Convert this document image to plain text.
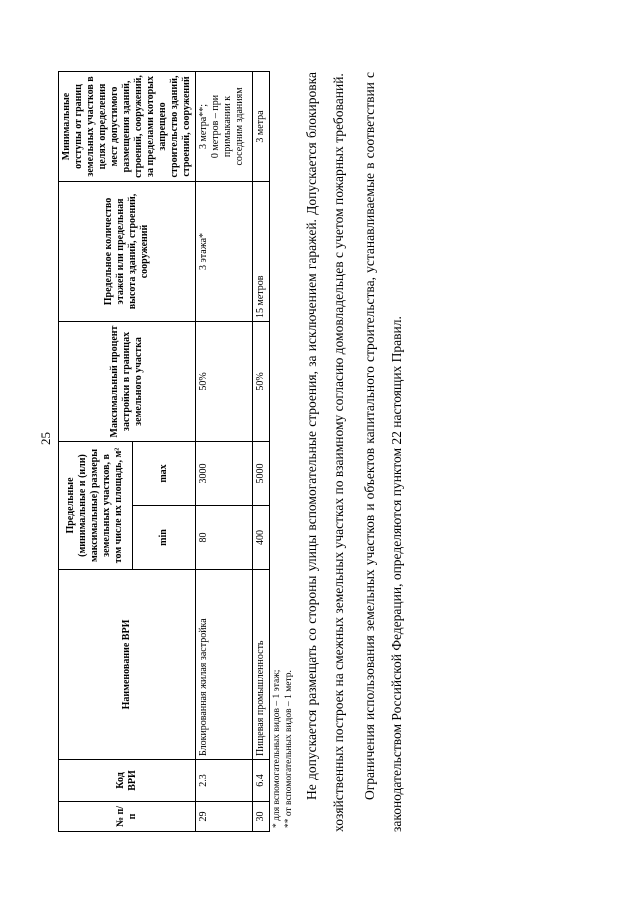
25
№ п/п	Код ВРИ	Наименование ВРИ	Предельные (минимальные и (или) максимальные) размеры земельных участков, в том числе их площадь, м²		Максимальный процент застройки в границах земельного участка	Предельное количество этажей или предельная высота зданий, строений, сооружений	Минимальные отступы от границ земельных участков в целях определения мест допустимого размещения зданий, строений, сооружений, за пределами которых запрещено строительство зданий, строений, сооружений
			min	max			
29	2.3	Блокированная жилая застройка	80	3000	50%	3 этажа*	3 метра**; 0 метров – при примыкании к соседним зданиям

30	6.4	Пищевая промышленность	400	5000	50%	15 метров	3 метра
* для вспомогательных видов – 1 этаж; ** от вспомогательных видов – 1 метр. Не допускается размещать со стороны улицы вспомогательные строения, за исключением гаражей. Допускается блокировка хозяйственных построек на смежных земельных участках по взаимному согласию домовладельцев с учетом пожарных требований.	Ограничения использования земельных участков и объектов капитального строительства, устанавливаемые в соответствии с законодательством Российской Федерации, определяются пунктом 22 настоящих Правил.
